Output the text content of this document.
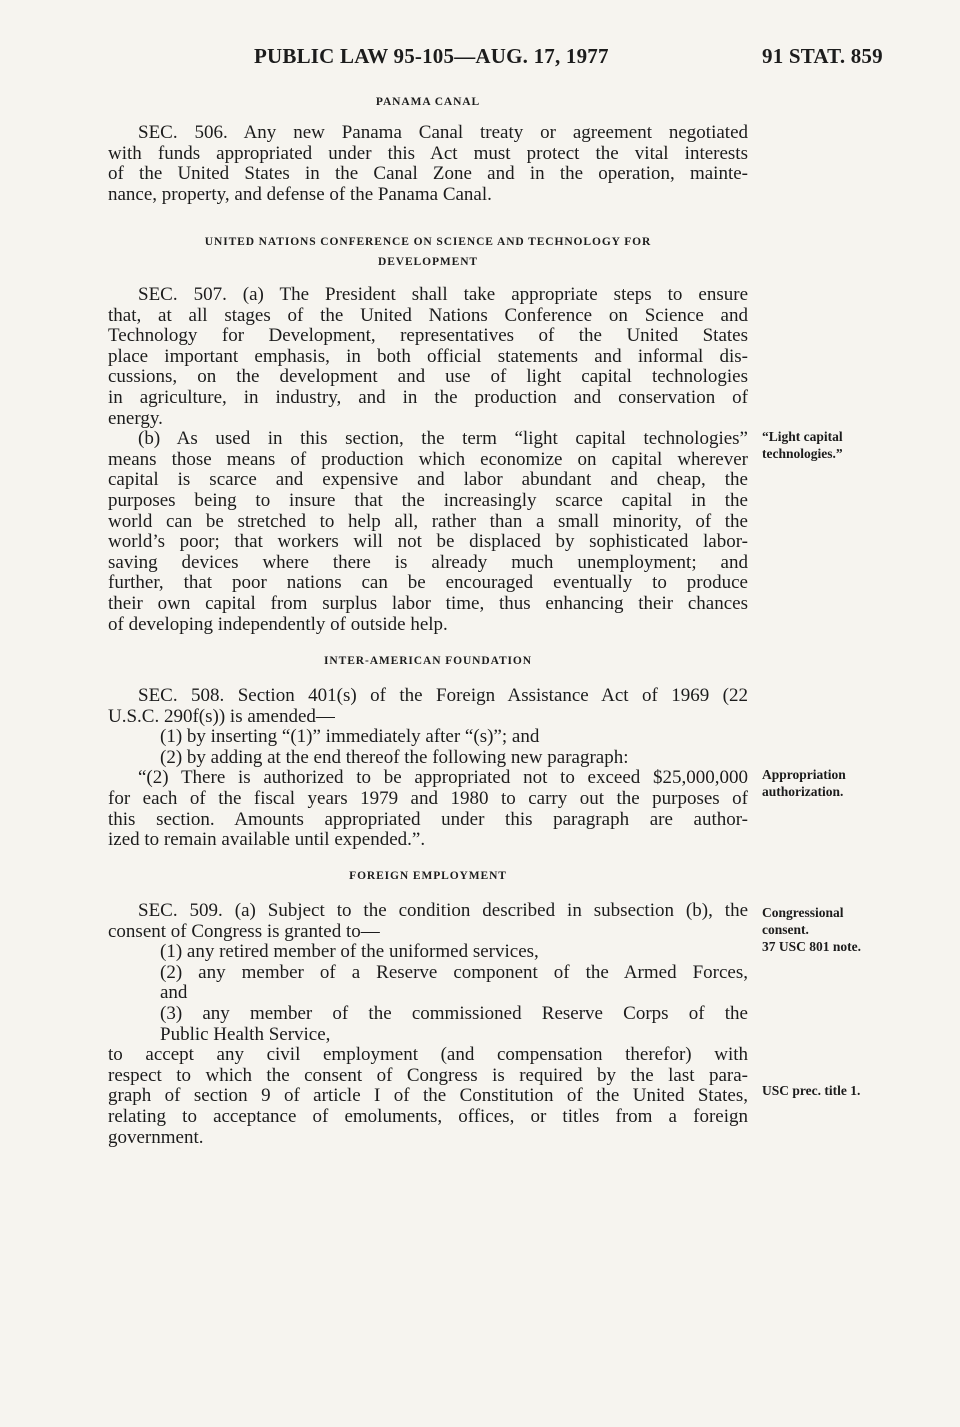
PUBLIC LAW 95-105—AUG. 17, 1977	91 STAT. 859
PANAMA CANAL
SEC. 506. Any new Panama Canal treaty or agreement negotiated
with funds appropriated under this Act must protect the vital interests
of the United States in the Canal Zone and in the operation, mainte-
nance, property, and defense of the Panama Canal.
UNITED NATIONS CONFERENCE ON SCIENCE AND TECHNOLOGY FOR
DEVELOPMENT
SEC. 507. (a) The President shall take appropriate steps to ensure
that, at all stages of the United Nations Conference on Science and
Technology for Development, representatives of the United States
place important emphasis, in both official statements and informal dis-
cussions, on the development and use of light capital technologies
in agriculture, in industry, and in the production and conservation of
energy.
(b) As used in this section, the term “light capital technologies”
means those means of production which economize on capital wherever
capital is scarce and expensive and labor abundant and cheap, the
purposes being to insure that the increasingly scarce capital in the
world can be stretched to help all, rather than a small minority, of the
world’s poor; that workers will not be displaced by sophisticated labor-
saving devices where there is already much unemployment; and
further, that poor nations can be encouraged eventually to produce
their own capital from surplus labor time, thus enhancing their chances
of developing independently of outside help.
“Light capital
technologies.”
INTER-AMERICAN FOUNDATION
SEC. 508. Section 401(s) of the Foreign Assistance Act of 1969 (22
U.S.C. 290f(s)) is amended—
(1) by inserting “(1)” immediately after “(s)”; and
(2) by adding at the end thereof the following new paragraph:
“(2) There is authorized to be appropriated not to exceed $25,000,000
for each of the fiscal years 1979 and 1980 to carry out the purposes of
this section. Amounts appropriated under this paragraph are author-
ized to remain available until expended.”.
Appropriation
authorization.
FOREIGN EMPLOYMENT
SEC. 509. (a) Subject to the condition described in subsection (b), the
consent of Congress is granted to—
(1) any retired member of the uniformed services,
(2) any member of a Reserve component of the Armed Forces,
and
(3) any member of the commissioned Reserve Corps of the
Public Health Service,
to accept any civil employment (and compensation therefor) with
respect to which the consent of Congress is required by the last para-
graph of section 9 of article I of the Constitution of the United States,
relating to acceptance of emoluments, offices, or titles from a foreign
government.
Congressional
consent.
37 USC 801 note.
USC prec. title 1.
